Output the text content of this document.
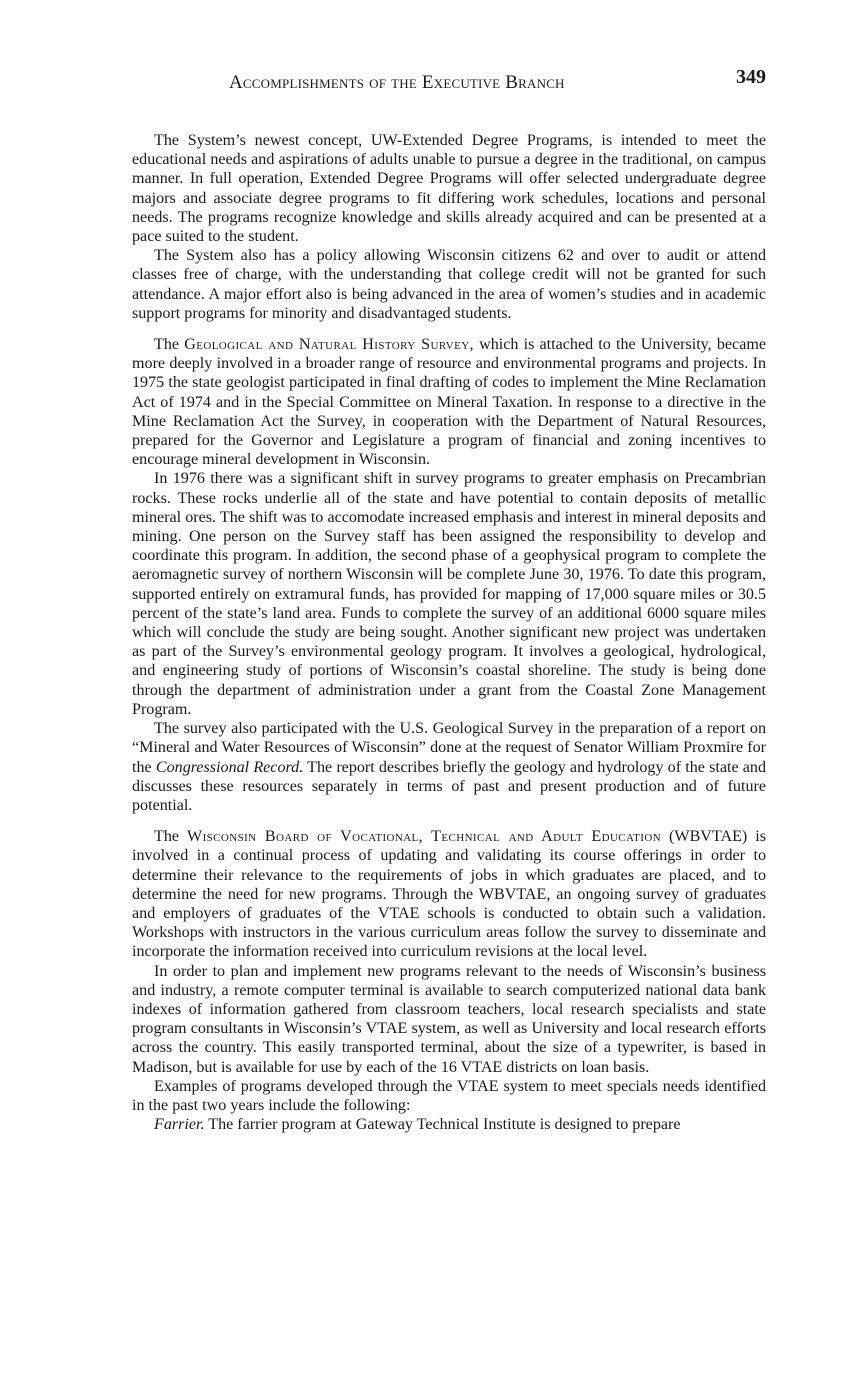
Accomplishments of the Executive Branch	349

The System’s newest concept, UW-Extended Degree Programs, is intended to meet the educational needs and aspirations of adults unable to pursue a degree in the traditional, on campus manner. In full operation, Extended Degree Programs will offer selected undergraduate degree majors and associate degree programs to fit differing work schedules, locations and personal needs. The programs recognize knowledge and skills already acquired and can be presented at a pace suited to the student.

The System also has a policy allowing Wisconsin citizens 62 and over to audit or attend classes free of charge, with the understanding that college credit will not be granted for such attendance. A major effort also is being advanced in the area of women’s studies and in academic support programs for minority and disadvantaged students.

The Geological and Natural History Survey, which is attached to the University, became more deeply involved in a broader range of resource and environmental programs and projects. In 1975 the state geologist participated in final drafting of codes to implement the Mine Reclamation Act of 1974 and in the Special Committee on Mineral Taxation. In response to a directive in the Mine Reclamation Act the Survey, in cooperation with the Department of Natural Resources, prepared for the Governor and Legislature a program of financial and zoning incentives to encourage mineral development in Wisconsin.

In 1976 there was a significant shift in survey programs to greater emphasis on Precambrian rocks. These rocks underlie all of the state and have potential to contain deposits of metallic mineral ores. The shift was to accomodate increased emphasis and interest in mineral deposits and mining. One person on the Survey staff has been assigned the responsibility to develop and coordinate this program. In addition, the second phase of a geophysical program to complete the aeromagnetic survey of northern Wisconsin will be complete June 30, 1976. To date this program, supported entirely on extramural funds, has provided for mapping of 17,000 square miles or 30.5 percent of the state’s land area. Funds to complete the survey of an additional 6000 square miles which will conclude the study are being sought. Another significant new project was undertaken as part of the Survey’s environmental geology program. It involves a geological, hydrological, and engineering study of portions of Wisconsin’s coastal shoreline. The study is being done through the department of administration under a grant from the Coastal Zone Management Program.

The survey also participated with the U.S. Geological Survey in the preparation of a report on “Mineral and Water Resources of Wisconsin” done at the request of Senator William Proxmire for the Congressional Record. The report describes briefly the geology and hydrology of the state and discusses these resources separately in terms of past and present production and of future potential.

The Wisconsin Board of Vocational, Technical and Adult Education (WBVTAE) is involved in a continual process of updating and validating its course offerings in order to determine their relevance to the requirements of jobs in which graduates are placed, and to determine the need for new programs. Through the WBVTAE, an ongoing survey of graduates and employers of graduates of the VTAE schools is conducted to obtain such a validation. Workshops with instructors in the various curriculum areas follow the survey to disseminate and incorporate the information received into curriculum revisions at the local level.

In order to plan and implement new programs relevant to the needs of Wisconsin’s business and industry, a remote computer terminal is available to search computerized national data bank indexes of information gathered from classroom teachers, local research specialists and state program consultants in Wisconsin’s VTAE system, as well as University and local research efforts across the country. This easily transported terminal, about the size of a typewriter, is based in Madison, but is available for use by each of the 16 VTAE districts on loan basis.

Examples of programs developed through the VTAE system to meet specials needs identified in the past two years include the following:

Farrier. The farrier program at Gateway Technical Institute is designed to prepare
